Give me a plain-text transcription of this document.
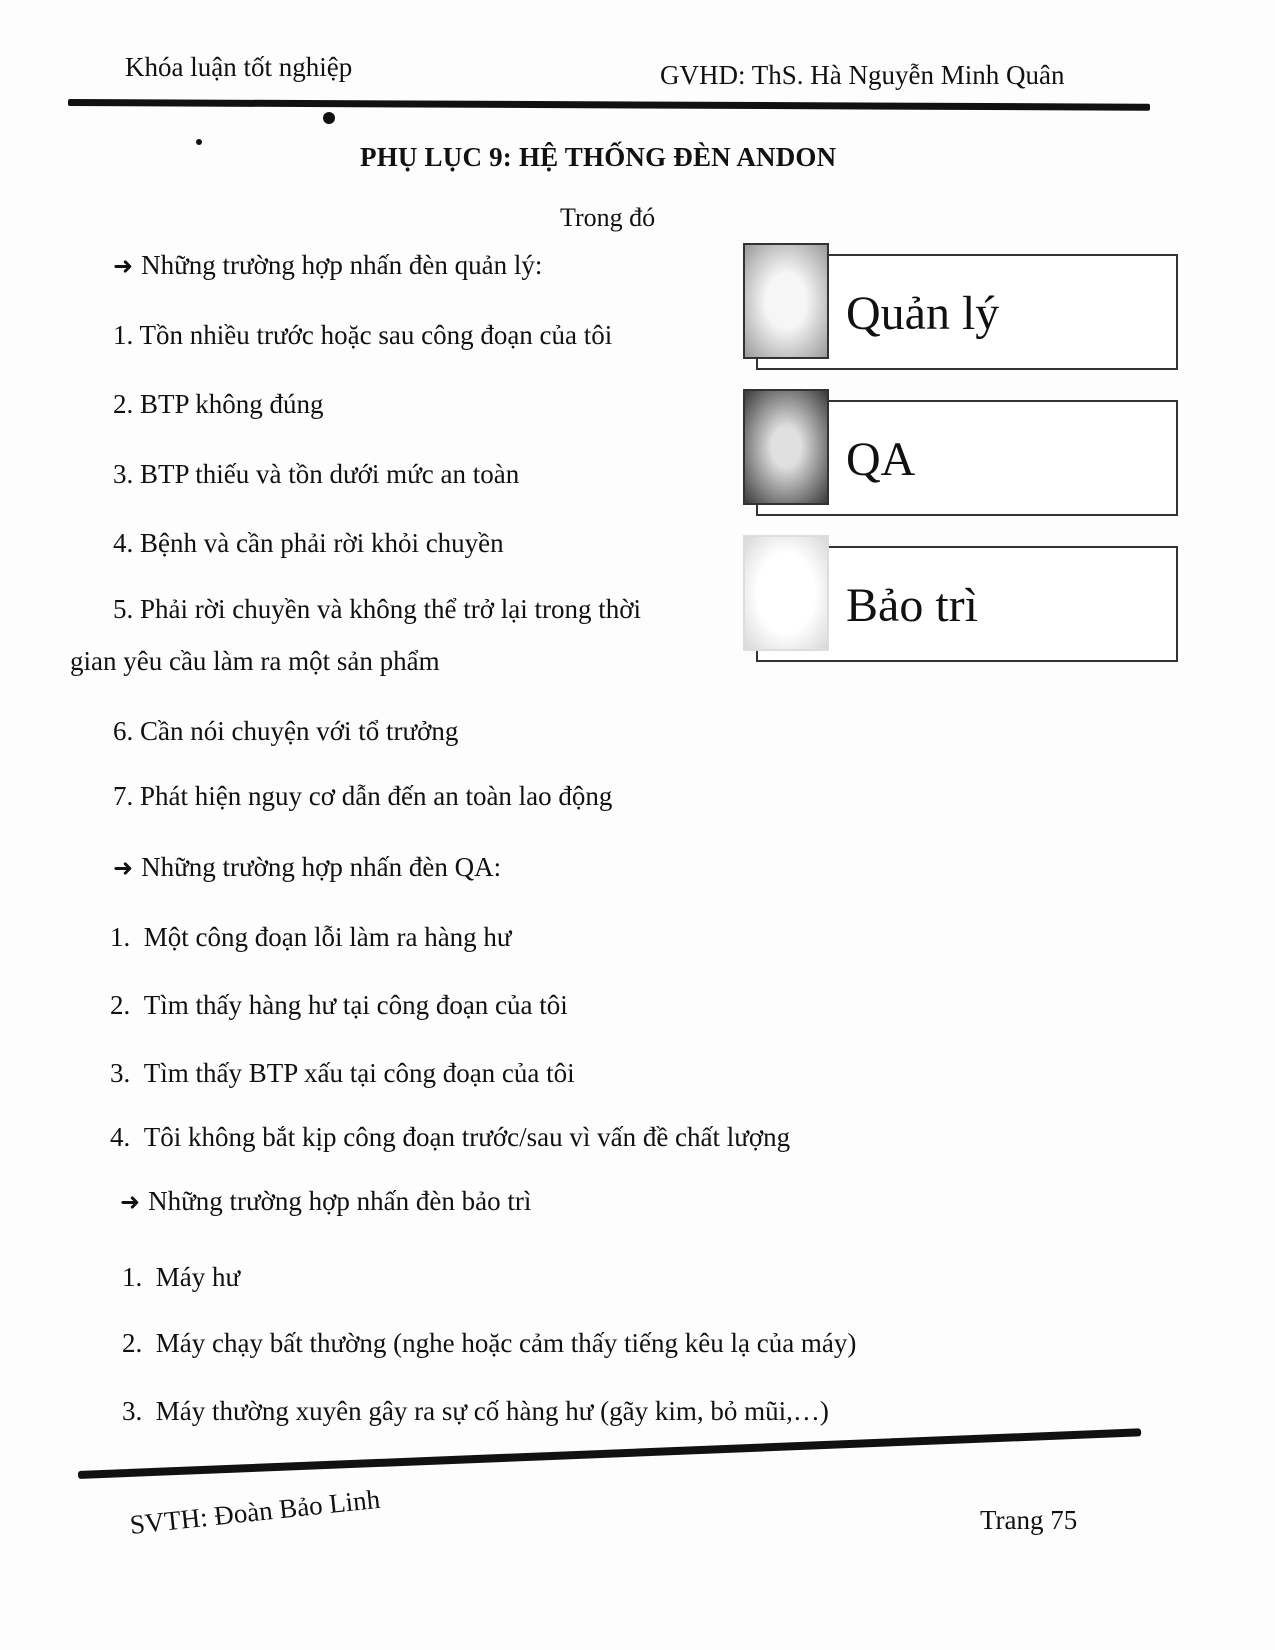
Khóa luận tốt nghiệp	GVHD: ThS. Hà Nguyễn Minh Quân
PHỤ LỤC 9: HỆ THỐNG ĐÈN ANDON
Trong đó
➜ Những trường hợp nhấn đèn quản lý:
1. Tồn nhiều trước hoặc sau công đoạn của tôi
2. BTP không đúng
3. BTP thiếu và tồn dưới mức an toàn
4. Bệnh và cần phải rời khỏi chuyền
5. Phải rời chuyền và không thể trở lại trong thời
gian yêu cầu làm ra một sản phẩm
6. Cần nói chuyện với tổ trưởng
7. Phát hiện nguy cơ dẫn đến an toàn lao động
➜ Những trường hợp nhấn đèn QA:
1. Một công đoạn lỗi làm ra hàng hư
2. Tìm thấy hàng hư tại công đoạn của tôi
3. Tìm thấy BTP xấu tại công đoạn của tôi
4. Tôi không bắt kịp công đoạn trước/sau vì vấn đề chất lượng
➜ Những trường hợp nhấn đèn bảo trì
1. Máy hư
2. Máy chạy bất thường (nghe hoặc cảm thấy tiếng kêu lạ của máy)
3. Máy thường xuyên gây ra sự cố hàng hư (gãy kim, bỏ mũi,…)
Quản lý
QA
Bảo trì
SVTH: Đoàn Bảo Linh	Trang 75
